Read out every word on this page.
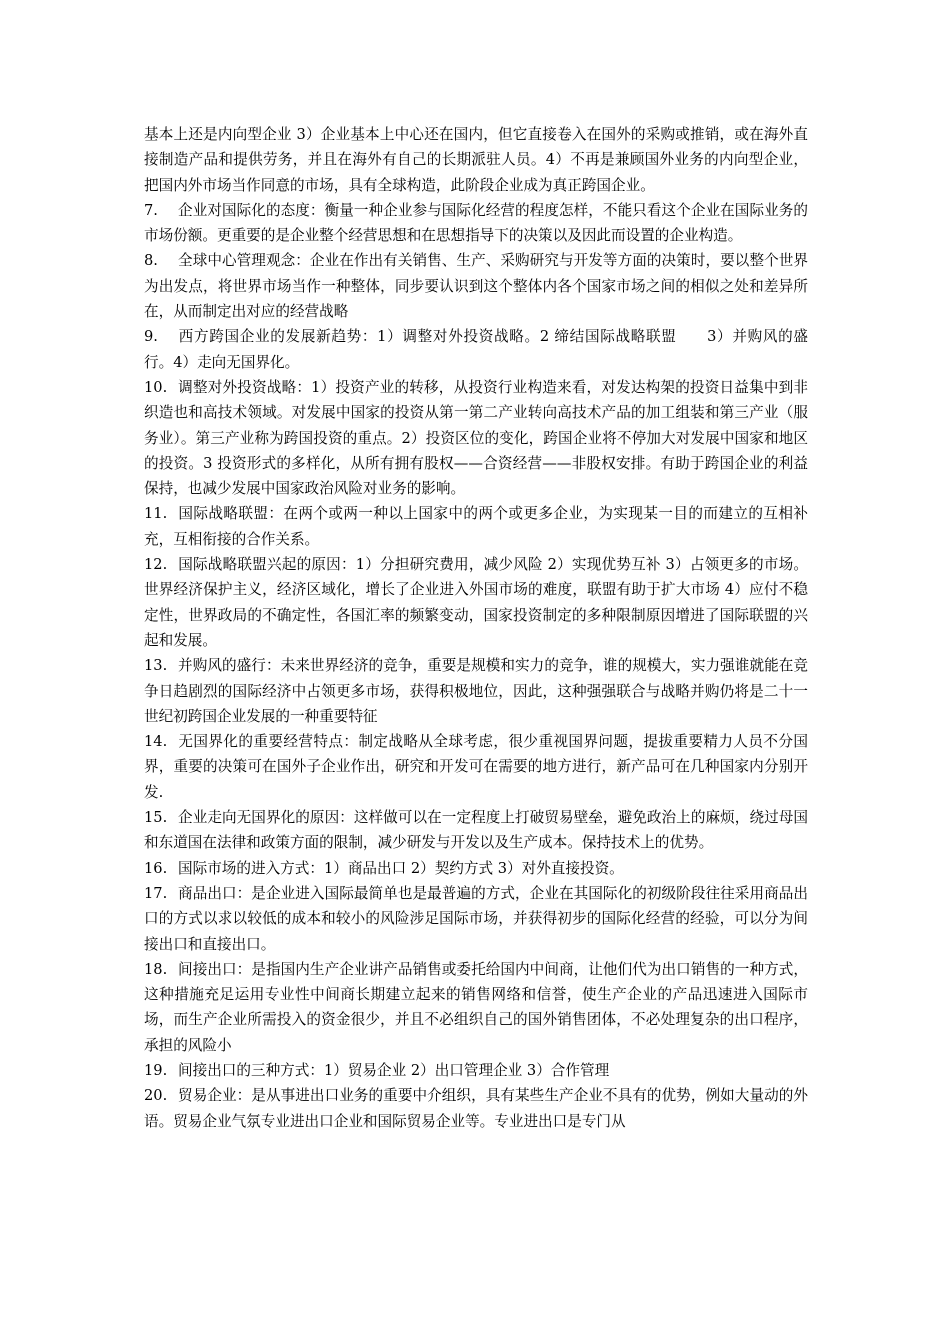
基本上还是内向型企业 3）企业基本上中心还在国内，但它直接卷入在国外的采购或推销，或在海外直接制造产品和提供劳务，并且在海外有自己的长期派驻人员。4）不再是兼顾国外业务的内向型企业，把国内外市场当作同意的市场，具有全球构造，此阶段企业成为真正跨国企业。

7. 企业对国际化的态度：衡量一种企业参与国际化经营的程度怎样，不能只看这个企业在国际业务的市场份额。更重要的是企业整个经营思想和在思想指导下的决策以及因此而设置的企业构造。

8. 全球中心管理观念：企业在作出有关销售、生产、采购研究与开发等方面的决策时，要以整个世界为出发点，将世界市场当作一种整体，同步要认识到这个整体内各个国家市场之间的相似之处和差异所在，从而制定出对应的经营战略

9. 西方跨国企业的发展新趋势：1）调整对外投资战略。2 缔结国际战略联盟　　3）并购风的盛行。4）走向无国界化。

10. 调整对外投资战略：1）投资产业的转移，从投资行业构造来看，对发达构架的投资日益集中到非织造也和高技术领域。对发展中国家的投资从第一第二产业转向高技术产品的加工组装和第三产业（服务业）。第三产业称为跨国投资的重点。2）投资区位的变化，跨国企业将不停加大对发展中国家和地区的投资。3 投资形式的多样化，从所有拥有股权——合资经营——非股权安排。有助于跨国企业的利益保持，也减少发展中国家政治风险对业务的影响。

11. 国际战略联盟：在两个或两一种以上国家中的两个或更多企业，为实现某一目的而建立的互相补充，互相衔接的合作关系。

12. 国际战略联盟兴起的原因：1）分担研究费用，减少风险 2）实现优势互补 3）占领更多的市场。世界经济保护主义，经济区域化，增长了企业进入外国市场的难度，联盟有助于扩大市场 4）应付不稳定性，世界政局的不确定性，各国汇率的频繁变动，国家投资制定的多种限制原因增进了国际联盟的兴起和发展。

13. 并购风的盛行：未来世界经济的竞争，重要是规模和实力的竞争，谁的规模大，实力强谁就能在竞争日趋剧烈的国际经济中占领更多市场，获得积极地位，因此，这种强强联合与战略并购仍将是二十一世纪初跨国企业发展的一种重要特征

14. 无国界化的重要经营特点：制定战略从全球考虑，很少重视国界问题，提拔重要精力人员不分国界，重要的决策可在国外子企业作出，研究和开发可在需要的地方进行，新产品可在几种国家内分别开发.

15. 企业走向无国界化的原因：这样做可以在一定程度上打破贸易壁垒，避免政治上的麻烦，绕过母国和东道国在法律和政策方面的限制，减少研发与开发以及生产成本。保持技术上的优势。

16. 国际市场的进入方式：1）商品出口 2）契约方式 3）对外直接投资。

17. 商品出口：是企业进入国际最简单也是最普遍的方式，企业在其国际化的初级阶段往往采用商品出口的方式以求以较低的成本和较小的风险涉足国际市场，并获得初步的国际化经营的经验，可以分为间接出口和直接出口。

18. 间接出口：是指国内生产企业讲产品销售或委托给国内中间商，让他们代为出口销售的一种方式，这种措施充足运用专业性中间商长期建立起来的销售网络和信誉，使生产企业的产品迅速进入国际市场，而生产企业所需投入的资金很少，并且不必组织自己的国外销售团体，不必处理复杂的出口程序，承担的风险小

19. 间接出口的三种方式：1）贸易企业 2）出口管理企业 3）合作管理

20. 贸易企业：是从事进出口业务的重要中介组织，具有某些生产企业不具有的优势，例如大量动的外语。贸易企业气氛专业进出口企业和国际贸易企业等。专业进出口是专门从
